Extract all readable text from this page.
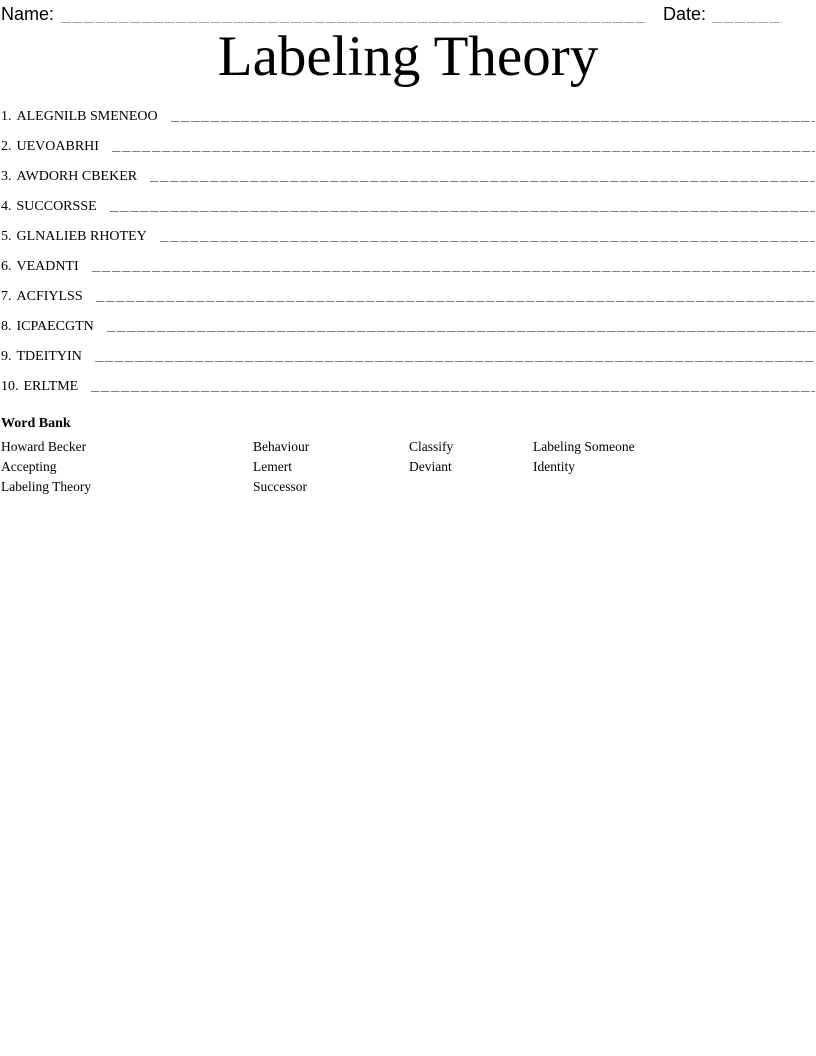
Name:	Date:
Labeling Theory
1. ALEGNILB SMENEOO
2. UEVOABRHI
3. AWDORH CBEKER
4. SUCCORSSE
5. GLNALIEB RHOTEY
6. VEADNTI
7. ACFIYLSS
8. ICPAECGTN
9. TDEITYIN
10. ERLTME
Word Bank
Howard Becker
Accepting
Labeling Theory
Behaviour
Lemert
Successor
Classify
Deviant
Labeling Someone
Identity
